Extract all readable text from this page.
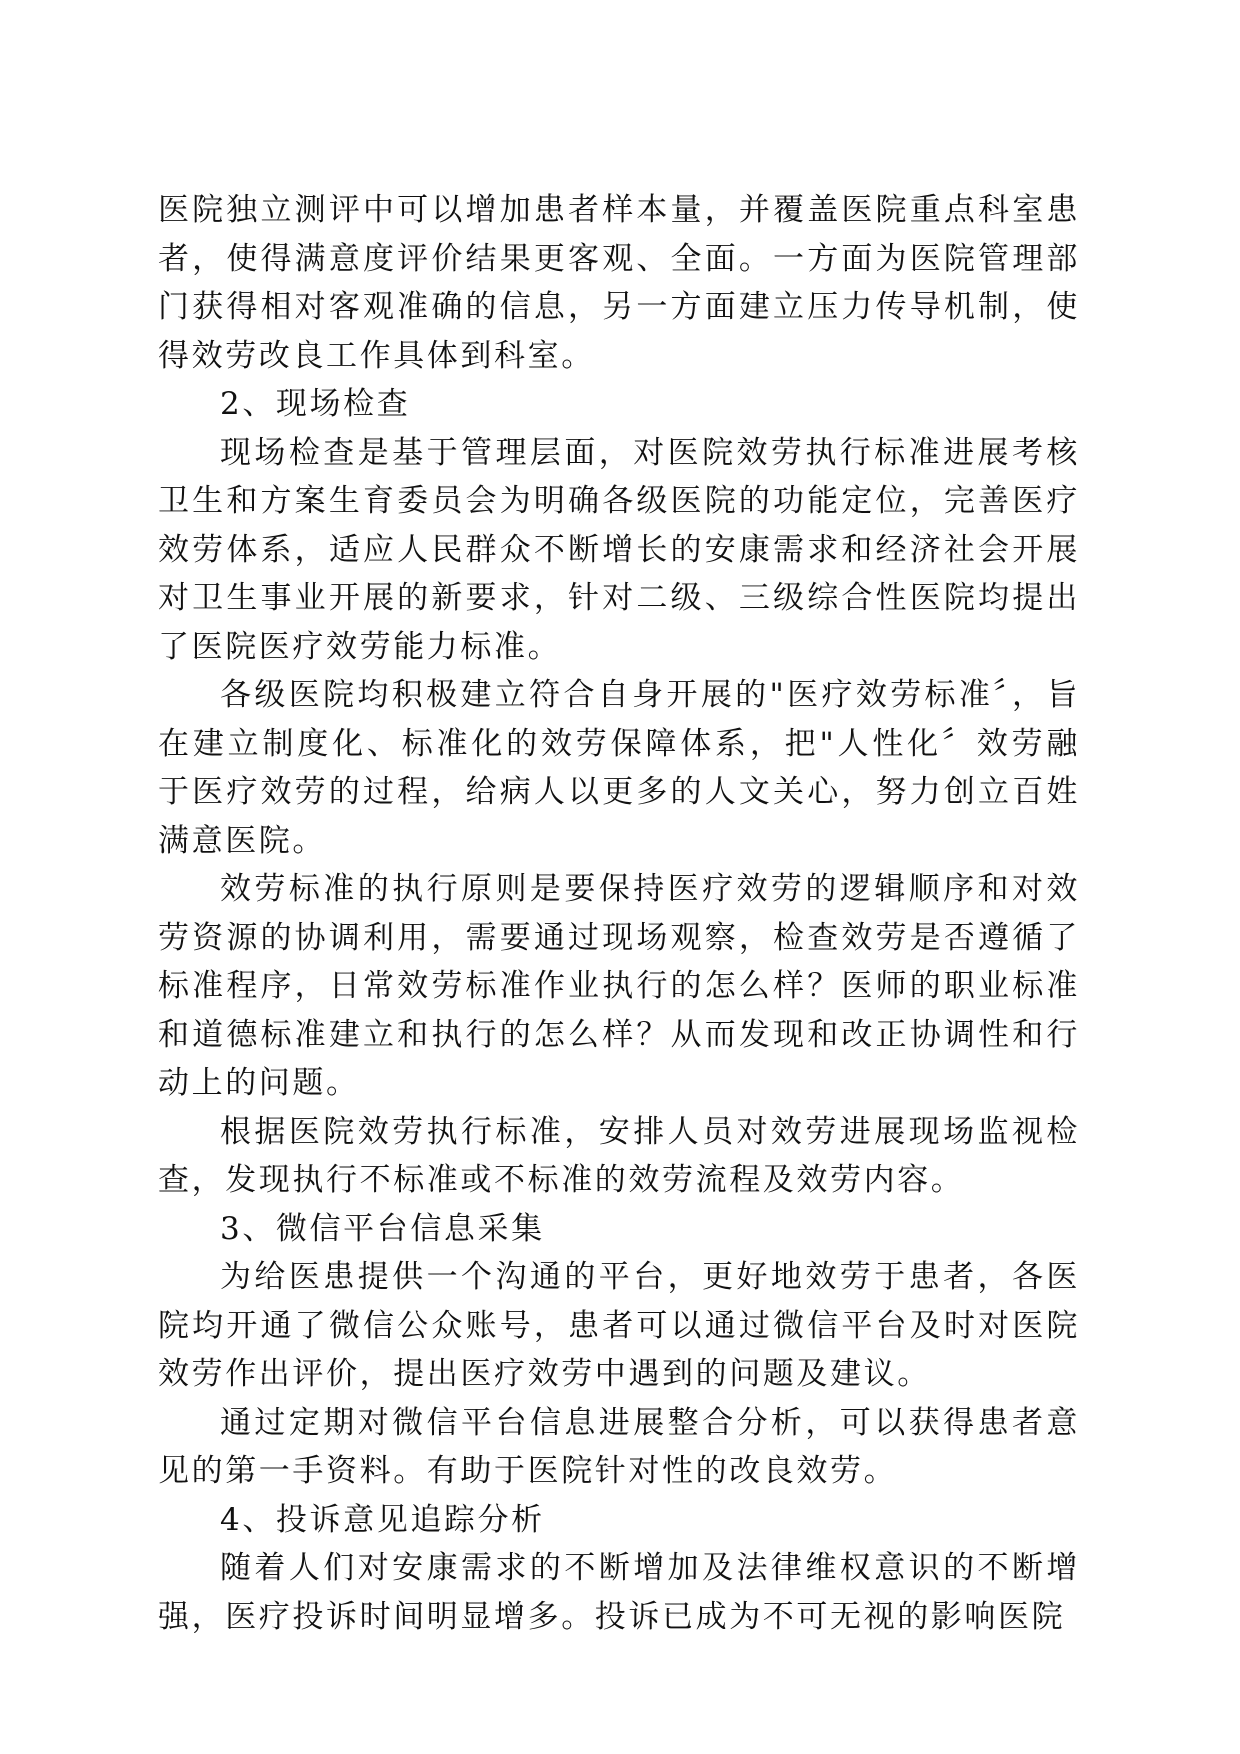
医院独立测评中可以增加患者样本量，并覆盖医院重点科室患者，使得满意度评价结果更客观、全面。一方面为医院管理部门获得相对客观准确的信息，另一方面建立压力传导机制，使得效劳改良工作具体到科室。

2、现场检查

现场检查是基于管理层面，对医院效劳执行标准进展考核卫生和方案生育委员会为明确各级医院的功能定位，完善医疗效劳体系，适应人民群众不断增长的安康需求和经济社会开展对卫生事业开展的新要求，针对二级、三级综合性医院均提出了医院医疗效劳能力标准。

各级医院均积极建立符合自身开展的"医疗效劳标准〞，旨在建立制度化、标准化的效劳保障体系，把"人性化〞效劳融于医疗效劳的过程，给病人以更多的人文关心，努力创立百姓满意医院。

效劳标准的执行原则是要保持医疗效劳的逻辑顺序和对效劳资源的协调利用，需要通过现场观察，检查效劳是否遵循了标准程序，日常效劳标准作业执行的怎么样？医师的职业标准和道德标准建立和执行的怎么样？从而发现和改正协调性和行动上的问题。

根据医院效劳执行标准，安排人员对效劳进展现场监视检查，发现执行不标准或不标准的效劳流程及效劳内容。

3、微信平台信息采集

为给医患提供一个沟通的平台，更好地效劳于患者，各医院均开通了微信公众账号，患者可以通过微信平台及时对医院效劳作出评价，提出医疗效劳中遇到的问题及建议。

通过定期对微信平台信息进展整合分析，可以获得患者意见的第一手资料。有助于医院针对性的改良效劳。

4、投诉意见追踪分析

随着人们对安康需求的不断增加及法律维权意识的不断增强，医疗投诉时间明显增多。投诉已成为不可无视的影响医院
